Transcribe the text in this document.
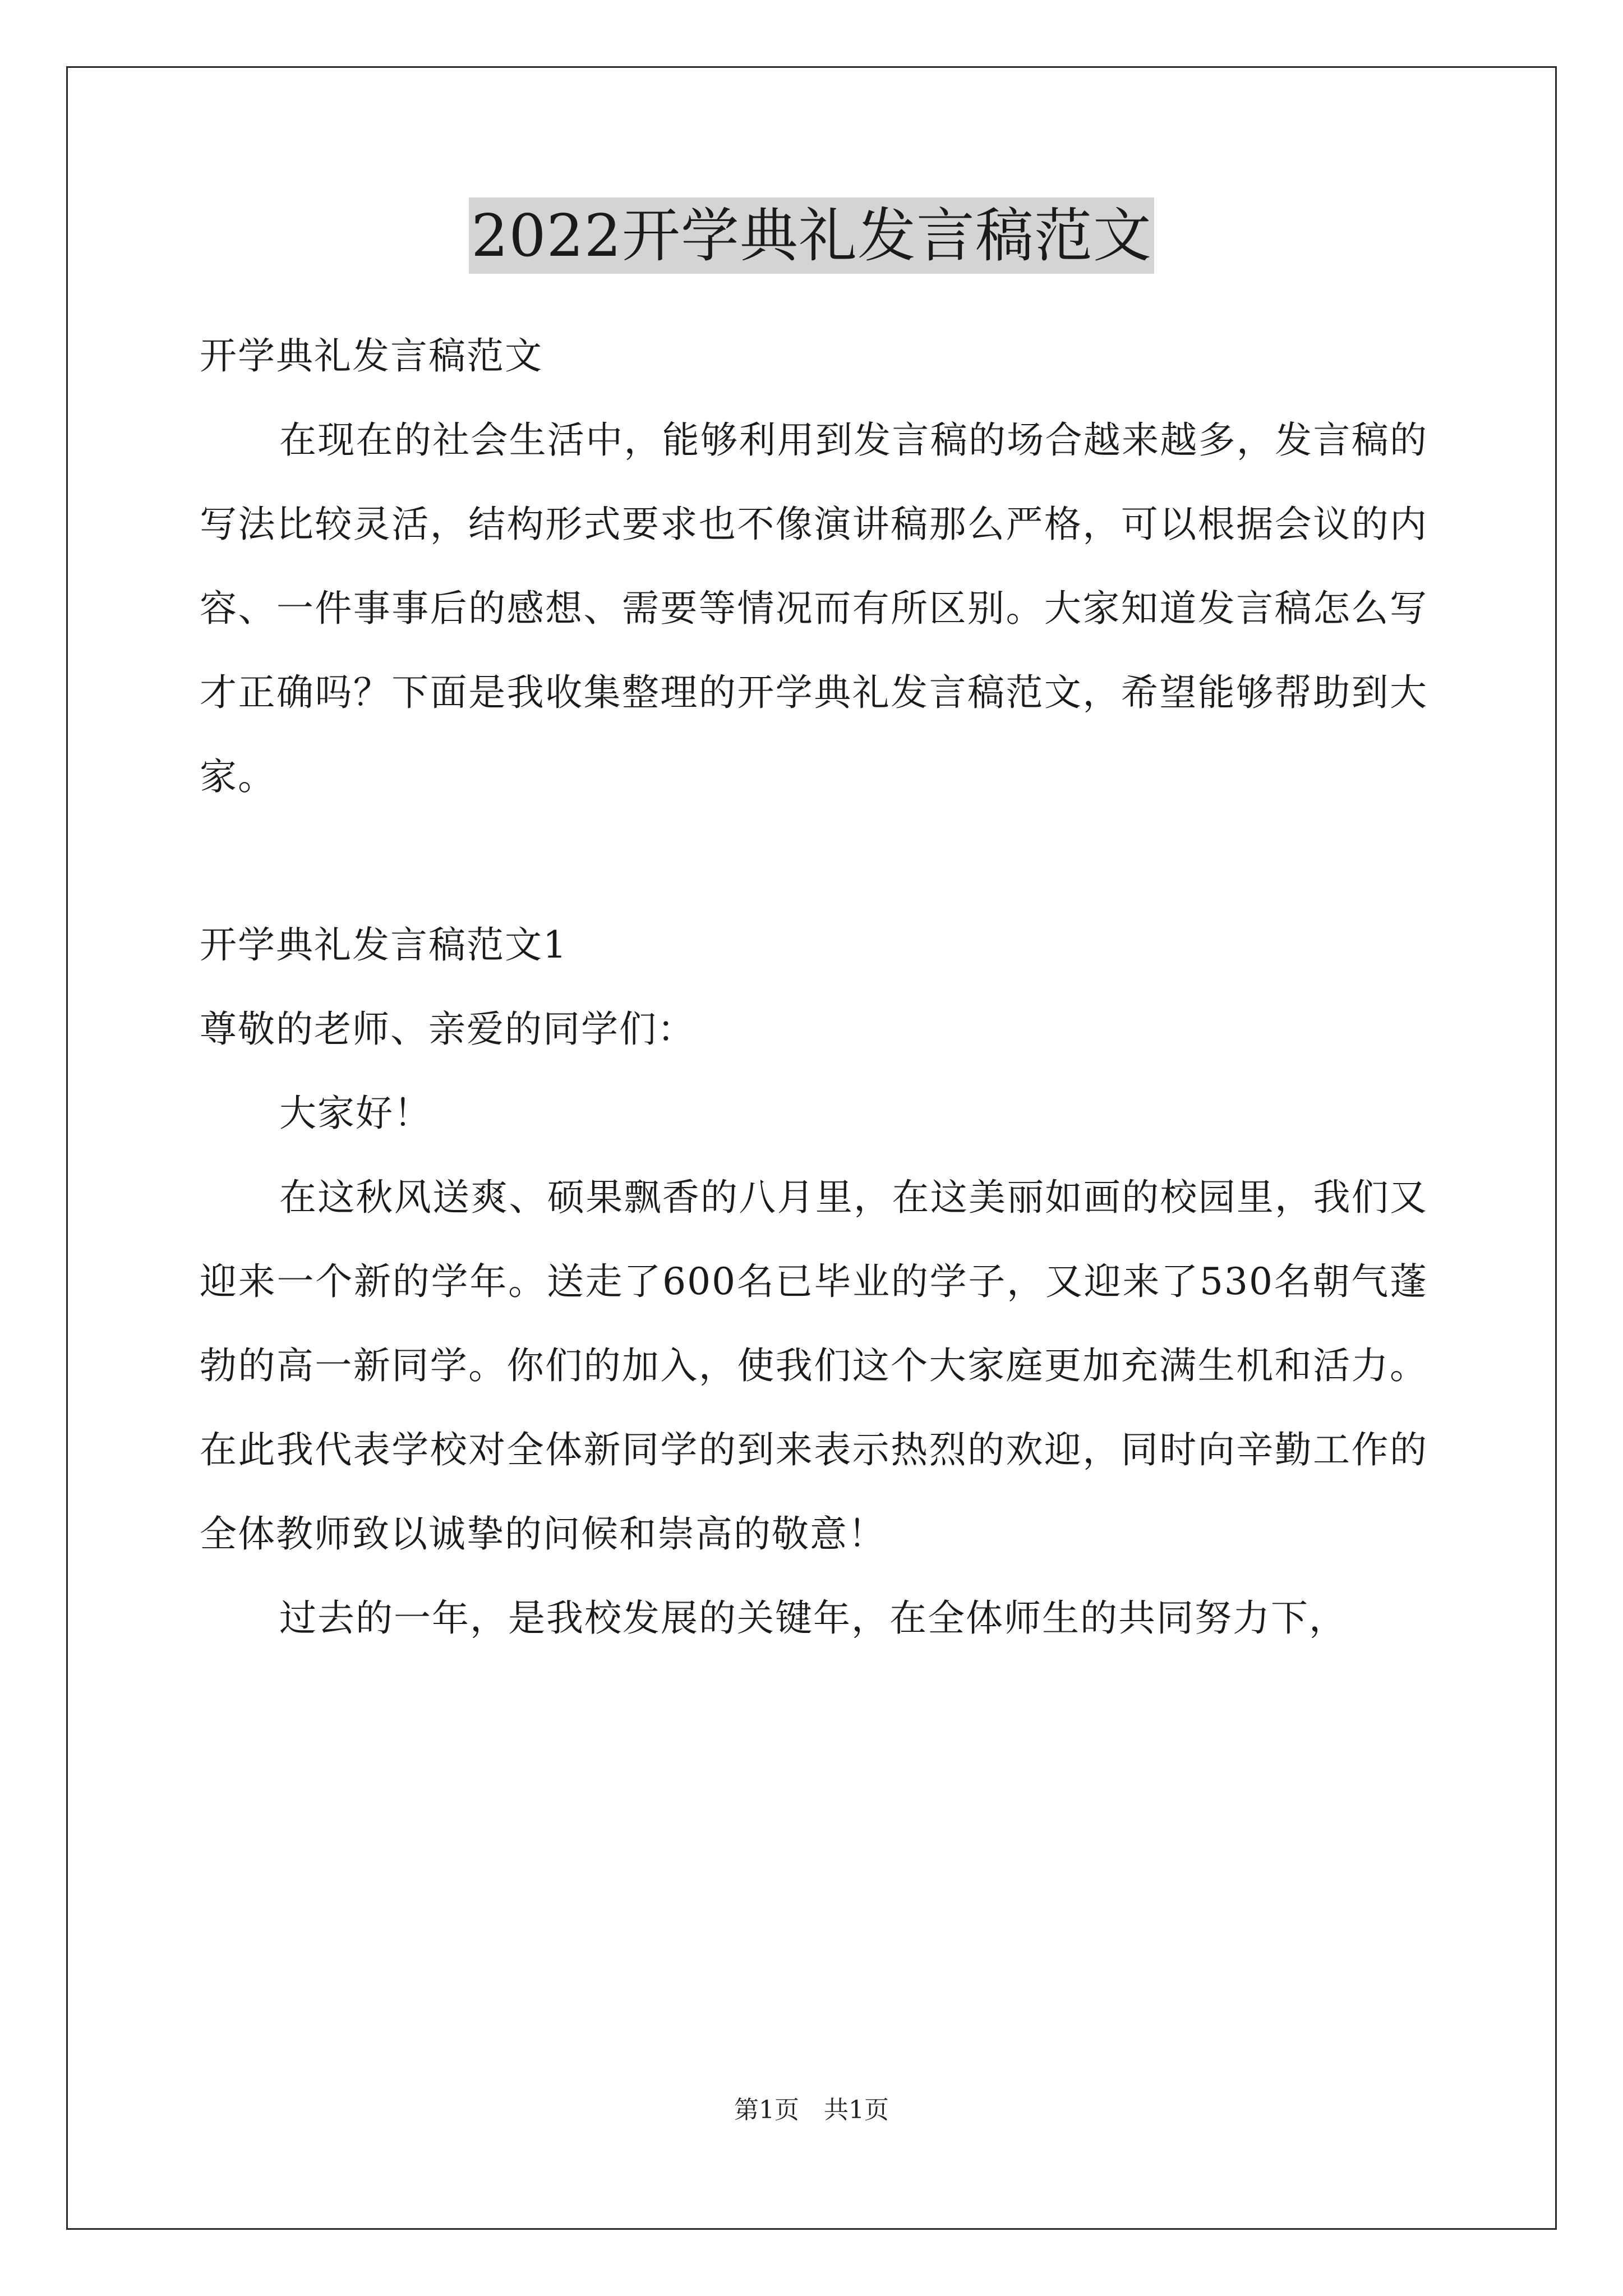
2022开学典礼发言稿范文
开学典礼发言稿范文

在现在的社会生活中，能够利用到发言稿的场合越来越多，发言稿的写法比较灵活，结构形式要求也不像演讲稿那么严格，可以根据会议的内容、一件事事后的感想、需要等情况而有所区别。大家知道发言稿怎么写才正确吗？下面是我收集整理的开学典礼发言稿范文，希望能够帮助到大家。

开学典礼发言稿范文1
尊敬的老师、亲爱的同学们：
大家好！

在这秋风送爽、硕果飘香的八月里，在这美丽如画的校园里，我们又迎来一个新的学年。送走了600名已毕业的学子，又迎来了530名朝气蓬勃的高一新同学。你们的加入，使我们这个大家庭更加充满生机和活力。在此我代表学校对全体新同学的到来表示热烈的欢迎，同时向辛勤工作的全体教师致以诚挚的问候和崇高的敬意！

过去的一年，是我校发展的关键年，在全体师生的共同努力下，

第1页　共1页
